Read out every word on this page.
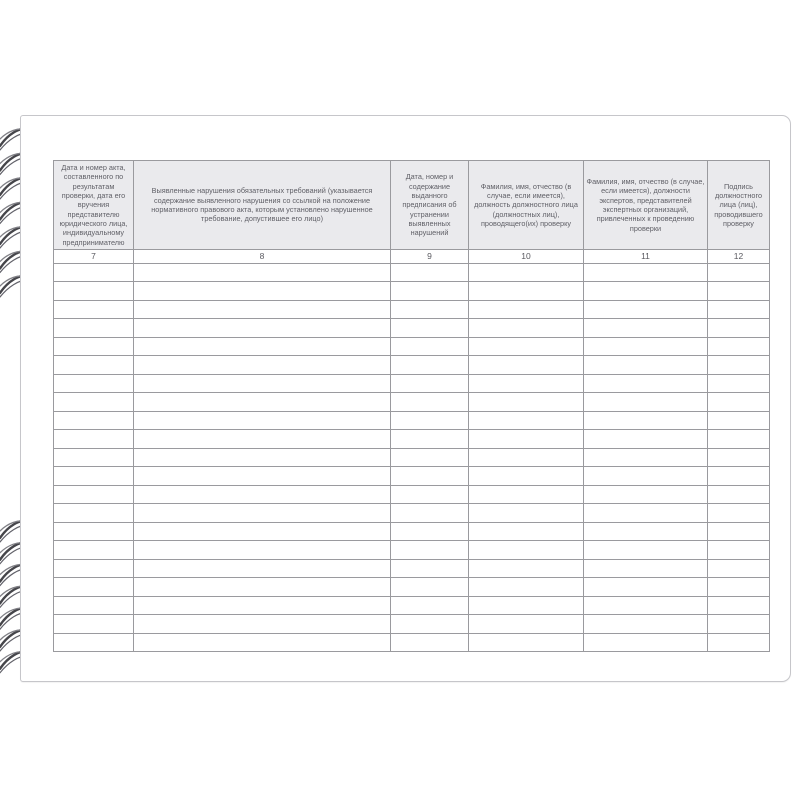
Дата и номер акта, составленного по результатам проверки, дата его вручения представителю юридического лица, индивидуальному предпринимателю	Выявленные нарушения обязательных требований (указывается содержание выявленного нарушения со ссылкой на положение нормативного правового акта, которым установлено нарушенное требование, допустившее его лицо)	Дата, номер и содержание выданного предписания об устранении выявленных нарушений	Фамилия, имя, отчество (в случае, если имеется), должность должностного лица (должностных лиц), проводящего(их) проверку	Фамилия, имя, отчество (в случае, если имеется), должности экспертов, представителей экспертных организаций, привлеченных к проведению проверки	Подпись должностного лица (лиц), проводившего проверку
7	8	9	10	11	12
